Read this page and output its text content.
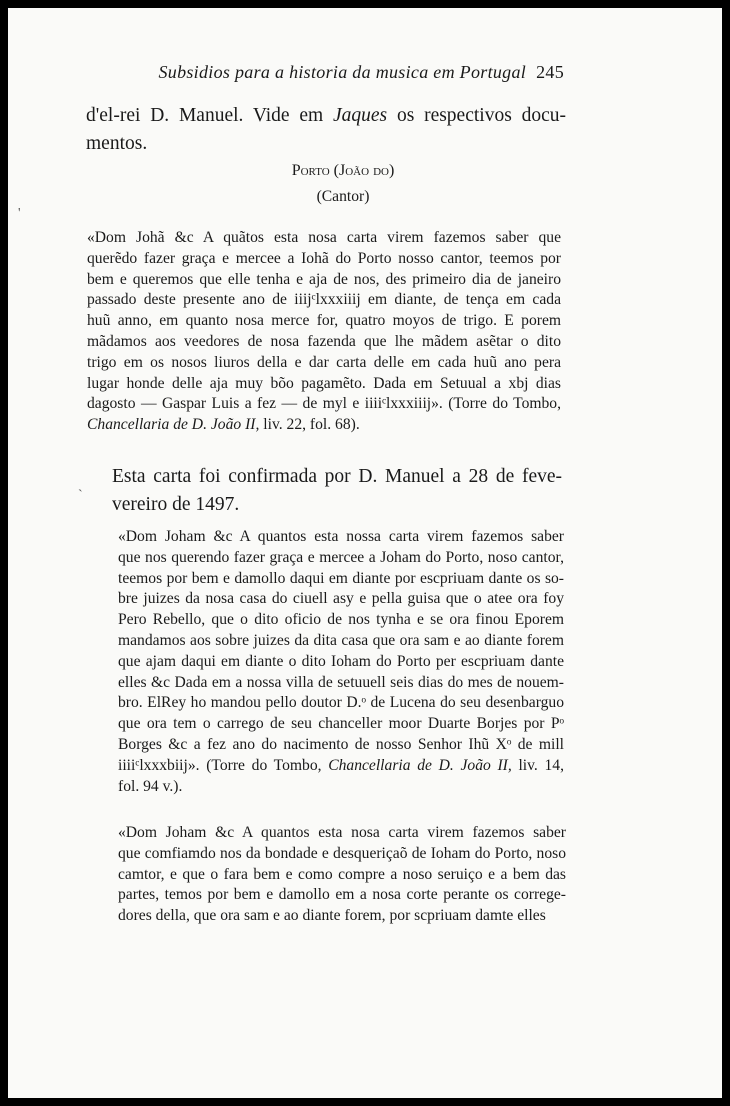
Subsidios para a historia da musica em Portugal 245
d'el-rei D. Manuel. Vide em Jaques os respectivos docu-
mentos.
Porto (João do)
(Cantor)
«Dom Johã &c A quãtos esta nosa carta virem fazemos saber que
querẽdo fazer graça e mercee a Iohã do Porto nosso cantor, teemos por
bem e queremos que elle tenha e aja de nos, des primeiro dia de janeiro
passado deste presente ano de iiijᶜlxxxiiij em diante, de tença em cada
huũ anno, em quanto nosa merce for, quatro moyos de trigo. E porem
mãdamos aos veedores de nosa fazenda que lhe mãdem asẽtar o dito
trigo em os nosos liuros della e dar carta delle em cada huũ ano pera
lugar honde delle aja muy bõo pagamẽto. Dada em Setuual a xbj dias
dagosto — Gaspar Luis a fez — de myl e iiiiᶜlxxxiiij». (Torre do Tombo,
Chancellaria de D. João II, liv. 22, fol. 68).
Esta carta foi confirmada por D. Manuel a 28 de feve-
vereiro de 1497.
«Dom Joham &c A quantos esta nossa carta virem fazemos saber
que nos querendo fazer graça e mercee a Joham do Porto, noso cantor,
teemos por bem e damollo daqui em diante por escpriuam dante os so-
bre juizes da nosa casa do ciuell asy e pella guisa que o atee ora foy
Pero Rebello, que o dito oficio de nos tynha e se ora finou Eporem
mandamos aos sobre juizes da dita casa que ora sam e ao diante forem
que ajam daqui em diante o dito Ioham do Porto per escpriuam dante
elles &c Dada em a nossa villa de setuuell seis dias do mes de nouem-
bro. ElRey ho mandou pello doutor D.ᵒ de Lucena do seu desenbarguo
que ora tem o carrego de seu chanceller moor Duarte Borjes por Pᵒ
Borges &c a fez ano do nacimento de nosso Senhor Ihũ Xᵒ de mill
iiiiᶜlxxxbiij». (Torre do Tombo, Chancellaria de D. João II, liv. 14,
fol. 94 v.).
«Dom Joham &c A quantos esta nosa carta virem fazemos saber
que comfiamdo nos da bondade e desqueriçaõ de Ioham do Porto, noso
camtor, e que o fara bem e como compre a noso seruiço e a bem das
partes, temos por bem e damollo em a nosa corte perante os correge-
dores della, que ora sam e ao diante forem, por scpriuam damte elles
'
`
